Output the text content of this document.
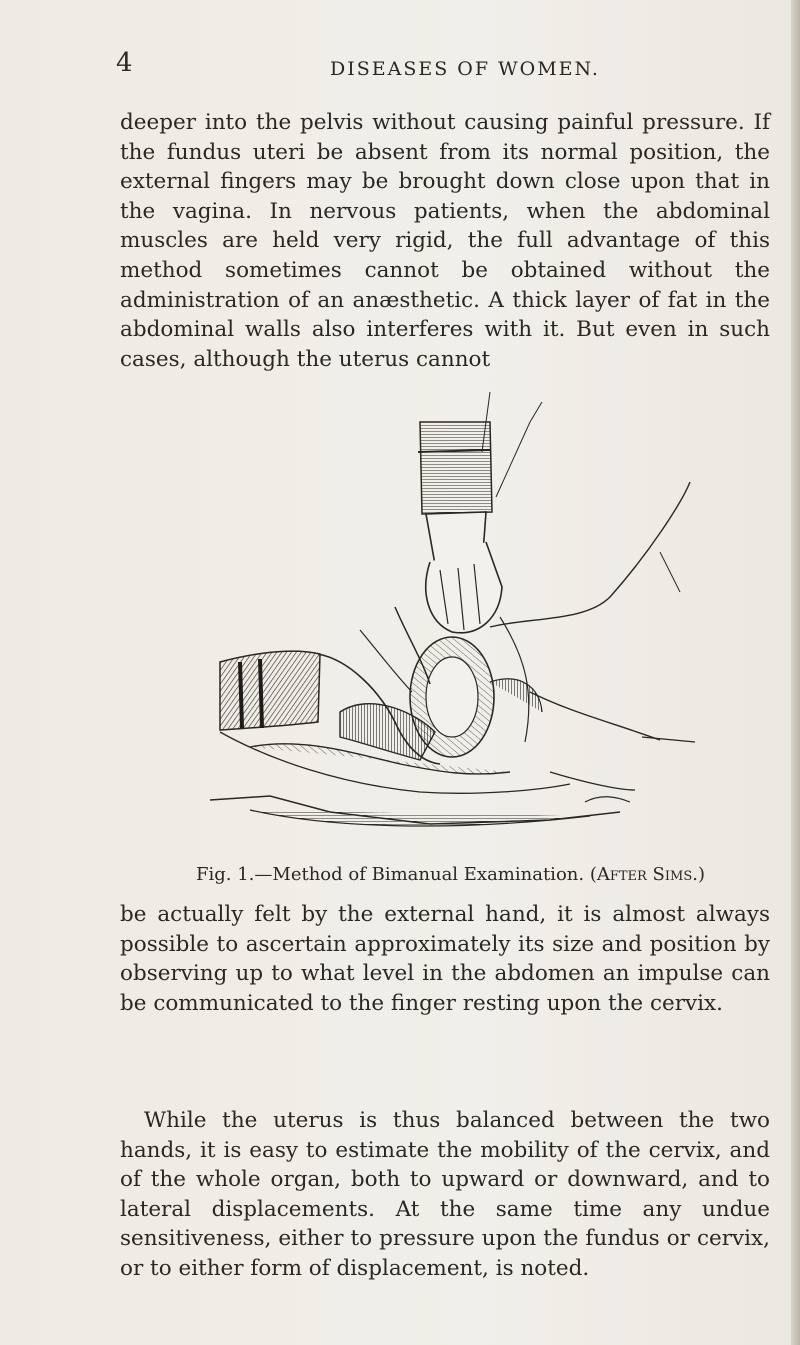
4	DISEASES OF WOMEN.

deeper into the pelvis without causing painful pressure. If the fundus uteri be absent from its normal position, the external fingers may be brought down close upon that in the vagina. In nervous patients, when the abdominal muscles are held very rigid, the full advantage of this method sometimes cannot be obtained without the administration of an anæsthetic. A thick layer of fat in the abdominal walls also interferes with it. But even in such cases, although the uterus cannot

Fig. 1.—Method of Bimanual Examination. (After Sims.)

be actually felt by the external hand, it is almost always possible to ascertain approximately its size and position by observing up to what level in the abdomen an impulse can be communicated to the finger resting upon the cervix.

While the uterus is thus balanced between the two hands, it is easy to estimate the mobility of the cervix, and of the whole organ, both to upward or downward, and to lateral displacements. At the same time any undue sensitiveness, either to pressure upon the fundus or cervix, or to either form of displacement, is noted.
